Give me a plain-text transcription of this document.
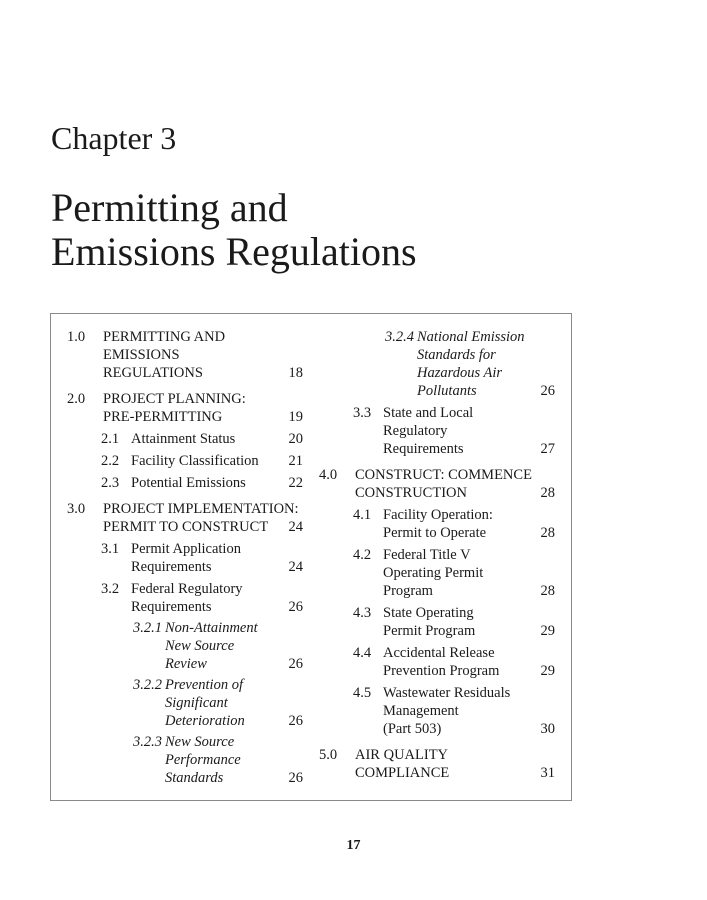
Chapter 3
Permitting and
Emissions Regulations
1.0 PERMITTING AND
EMISSIONS
REGULATIONS	18
2.0 PROJECT PLANNING:
PRE-PERMITTING	19
2.1 Attainment Status	20
2.2 Facility Classification	21
2.3 Potential Emissions	22
3.0 PROJECT IMPLEMENTATION:
PERMIT TO CONSTRUCT	24
3.1 Permit Application
Requirements	24
3.2 Federal Regulatory
Requirements	26
3.2.1 Non-Attainment
New Source
Review	26
3.2.2 Prevention of
Significant
Deterioration	26
3.2.3 New Source
Performance
Standards	26
3.2.4 National Emission
Standards for
Hazardous Air
Pollutants	26
3.3 State and Local
Regulatory
Requirements	27
4.0 CONSTRUCT: COMMENCE
CONSTRUCTION	28
4.1 Facility Operation:
Permit to Operate	28
4.2 Federal Title V
Operating Permit
Program	28
4.3 State Operating
Permit Program	29
4.4 Accidental Release
Prevention Program	29
4.5 Wastewater Residuals
Management
(Part 503)	30
5.0 AIR QUALITY
COMPLIANCE	31

17
